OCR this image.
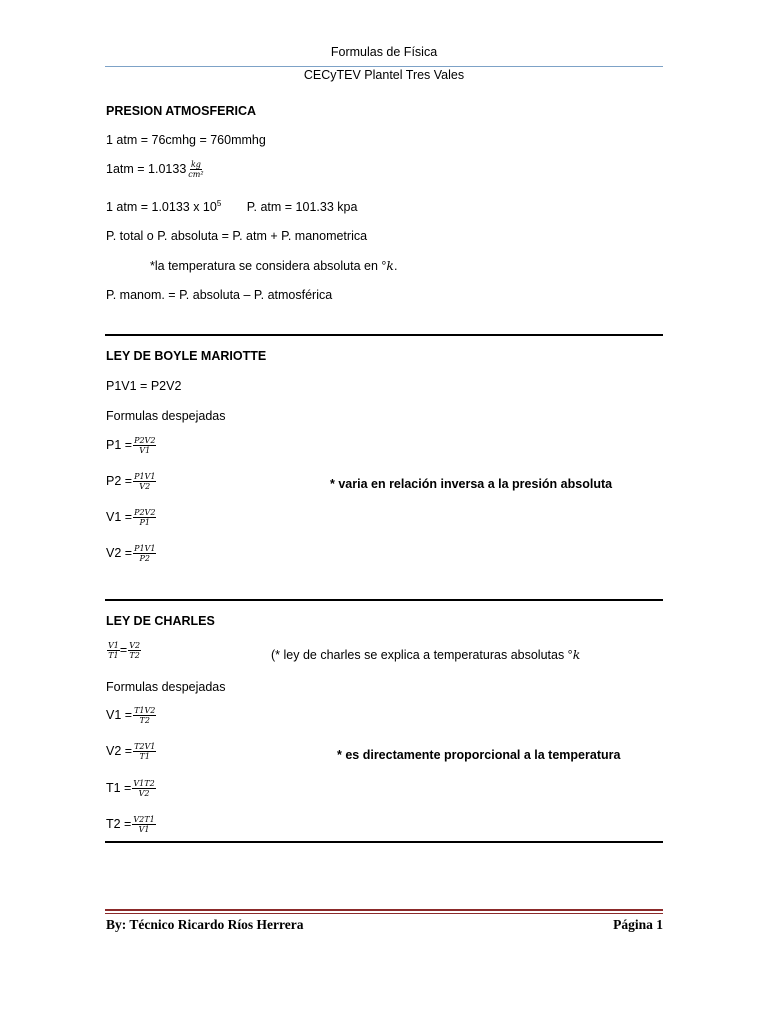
Formulas de Física
CECyTEV Plantel Tres Vales
PRESION ATMOSFERICA
1 atm = 76cmhg = 760mmhg
$1atm = 1.0133 \frac{kg}{\text{cm²}}$
1 atm = 1.0133 x $10^5$ P. atm = 101.33 kpa
P. total o P. absoluta = P. atm + P. manometrica
*la temperatura se considera absoluta en °k.
P. manom. = P. absoluta – P. atmosférica
LEY DE BOYLE MARIOTTE
P1V1 = P2V2
Formulas despejadas
$P1 = \frac{P2V2}{V1}$
$P2 = \frac{P1V1}{V2}$
$V1 = \frac{P2V2}{P1}$
$V2 = \frac{P1V1}{P2}$
* varia en relación inversa a la presión absoluta
LEY DE CHARLES
$\frac{V1}{T1} = \frac{V2}{T2}$	(* ley de charles se explica a temperaturas absolutas °k
Formulas despejadas
$V1 = \frac{T1V2}{T2}$
$V2 = \frac{T2V1}{T1}$
$T1 = \frac{V1T2}{V2}$
$T2 = \frac{V2T1}{V1}$
* es directamente proporcional a la temperatura
By: Técnico Ricardo Ríos Herrera	Página 1
